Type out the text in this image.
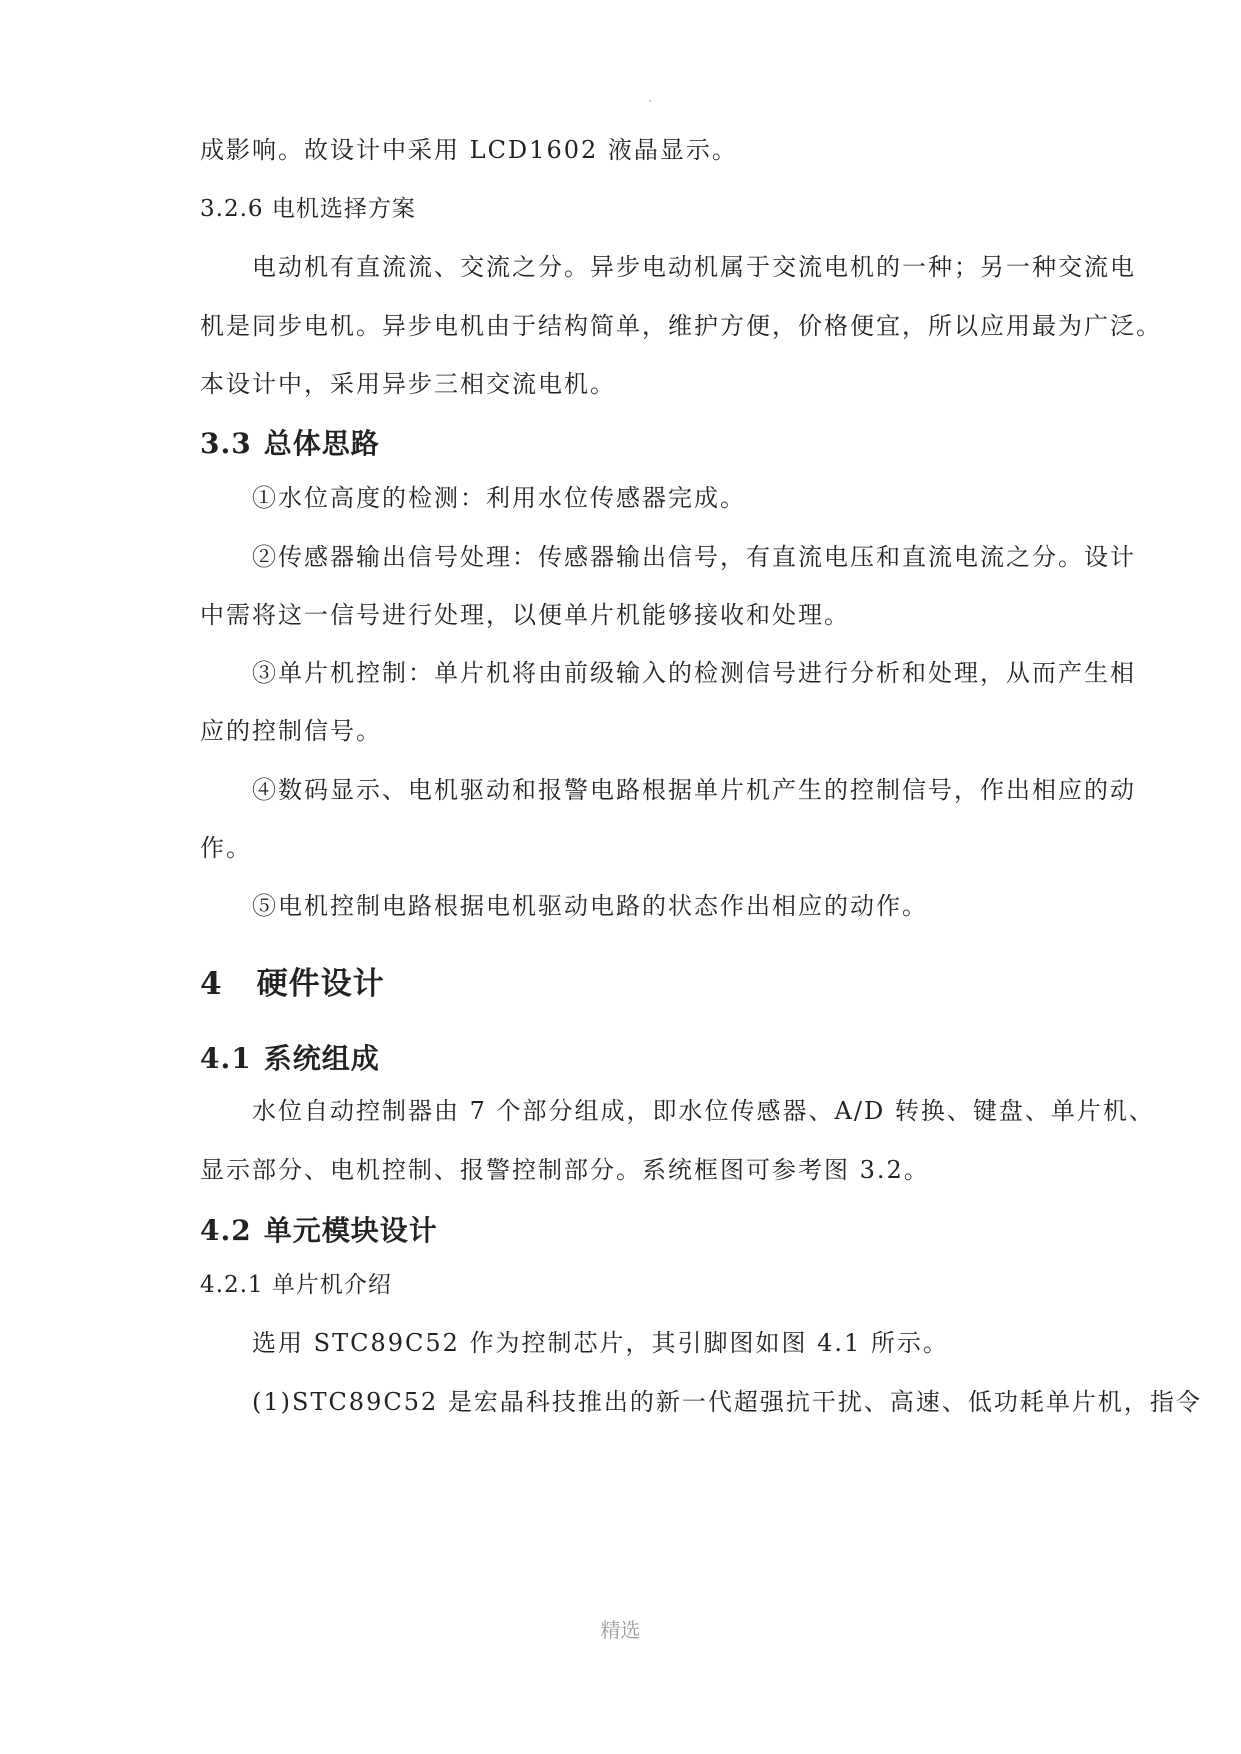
成影响。故设计中采用 LCD1602 液晶显示。
3.2.6 电机选择方案
电动机有直流流、交流之分。异步电动机属于交流电机的一种；另一种交流电
机是同步电机。异步电机由于结构简单，维护方便，价格便宜，所以应用最为广泛。
本设计中，采用异步三相交流电机。
3.3 总体思路
①水位高度的检测：利用水位传感器完成。
②传感器输出信号处理：传感器输出信号，有直流电压和直流电流之分。设计
中需将这一信号进行处理，以便单片机能够接收和处理。
③单片机控制：单片机将由前级输入的检测信号进行分析和处理，从而产生相
应的控制信号。
④数码显示、电机驱动和报警电路根据单片机产生的控制信号，作出相应的动
作。
⑤电机控制电路根据电机驱动电路的状态作出相应的动作。
4 硬件设计
4.1 系统组成
水位自动控制器由 7 个部分组成，即水位传感器、A/D 转换、键盘、单片机、
显示部分、电机控制、报警控制部分。系统框图可参考图 3.2。
4.2 单元模块设计
4.2.1 单片机介绍
选用 STC89C52 作为控制芯片，其引脚图如图 4.1 所示。
(1)STC89C52 是宏晶科技推出的新一代超强抗干扰、高速、低功耗单片机，指令
精选
